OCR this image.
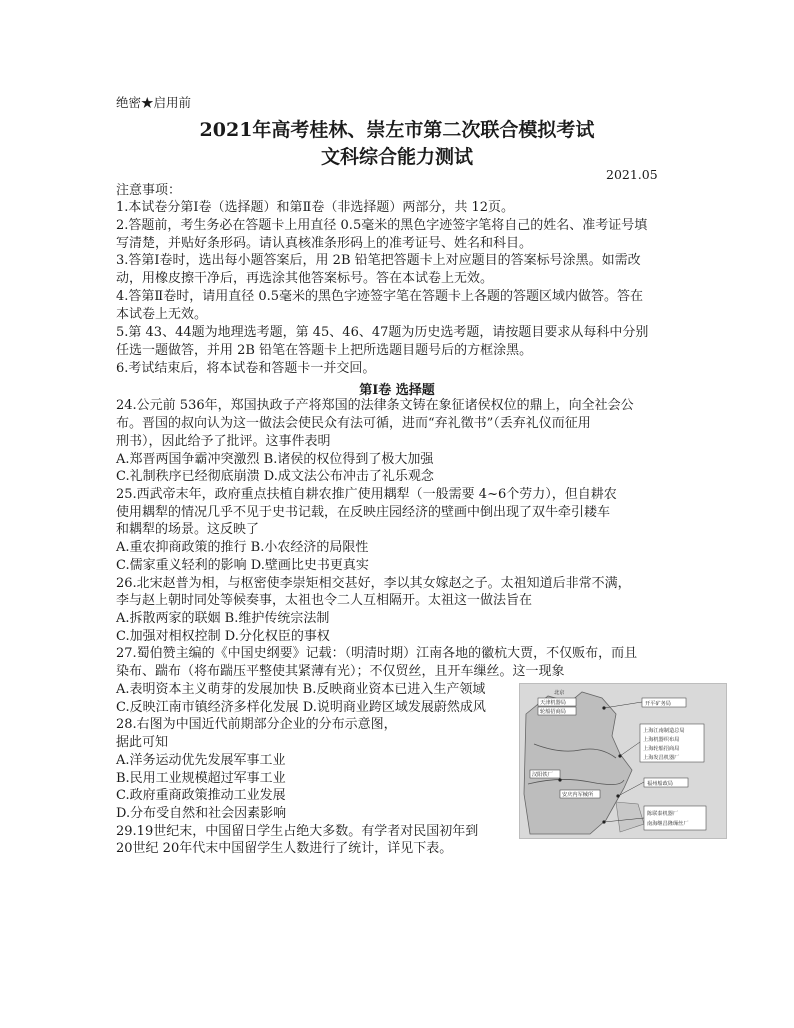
绝密★启用前
2021年高考桂林、崇左市第二次联合模拟考试
文科综合能力测试
2021.05
注意事项：
1.本试卷分第Ⅰ卷（选择题）和第Ⅱ卷（非选择题）两部分，共 12页。
2.答题前，考生务必在答题卡上用直径 0.5毫米的黑色字迹签字笔将自己的姓名、准考证号填
写清楚，并贴好条形码。请认真核准条形码上的准考证号、姓名和科目。
3.答第Ⅰ卷时，选出每小题答案后，用 2B 铅笔把答题卡上对应题目的答案标号涂黑。如需改
动，用橡皮擦干净后，再选涂其他答案标号。答在本试卷上无效。
4.答第Ⅱ卷时，请用直径 0.5毫米的黑色字迹签字笔在答题卡上各题的答题区域内做答。答在
本试卷上无效。
5.第 43、44题为地理选考题，第 45、46、47题为历史选考题，请按题目要求从每科中分别
任选一题做答，并用 2B 铅笔在答题卡上把所选题目题号后的方框涂黑。
6.考试结束后，将本试卷和答题卡一并交回。
第Ⅰ卷 选择题
24.公元前 536年，郑国执政子产将郑国的法律条文铸在象征诸侯权位的鼎上，向全社会公
布。晋国的叔向认为这一做法会使民众有法可循，进而“弃礼徵书”（丢弃礼仪而征用
刑书），因此给予了批评。这事件表明
A.郑晋两国争霸冲突激烈 B.诸侯的权位得到了极大加强
C.礼制秩序已经彻底崩溃 D.成文法公布冲击了礼乐观念
25.西武帝末年，政府重点扶植自耕农推广使用耦犁（一般需要 4~6个劳力），但自耕农
使用耦犁的情况几乎不见于史书记载，在反映庄园经济的壁画中倒出现了双牛牵引耧车
和耦犁的场景。这反映了
A.重农抑商政策的推行 B.小农经济的局限性
C.儒家重义轻利的影响 D.壁画比史书更真实
26.北宋赵普为相，与枢密使李崇矩相交甚好，李以其女嫁赵之子。太祖知道后非常不满，
李与赵上朝时同处等候奏事，太祖也令二人互相隔开。太祖这一做法旨在
A.拆散两家的联姻 B.维护传统宗法制
C.加强对相权控制 D.分化权臣的事权
27.蜀伯赞主编的《中国史纲要》记载：（明清时期）江南各地的徽杭大贾，不仅贩布，而且
染布、踹布（将布踹压平整使其紧薄有光）；不仅贸丝，且开车缫丝。这一现象
A.表明资本主义萌芽的发展加快 B.反映商业资本已进入生产领域
C.反映江南市镇经济多样化发展 D.说明商业跨区域发展蔚然成风
28.右图为中国近代前期部分企业的分布示意图，
据此可知
A.洋务运动优先发展军事工业
B.民用工业规模超过军事工业
C.政府重商政策推动工业发展
D.分布受自然和社会因素影响
29.19世纪末，中国留日学生占绝大多数。有学者对民国初年到
20世纪 20年代末中国留学生人数进行了统计，详见下表。
天津机器局
轮船招商局
北京
汉阳铁厂
安庆内军械所
开平矿务局
上海江南制造总局
上海机器织布局
上海轮船招商局
上海发昌机器厂
福州船政局
陈联泰机器厂
南海继昌隆缫丝厂
